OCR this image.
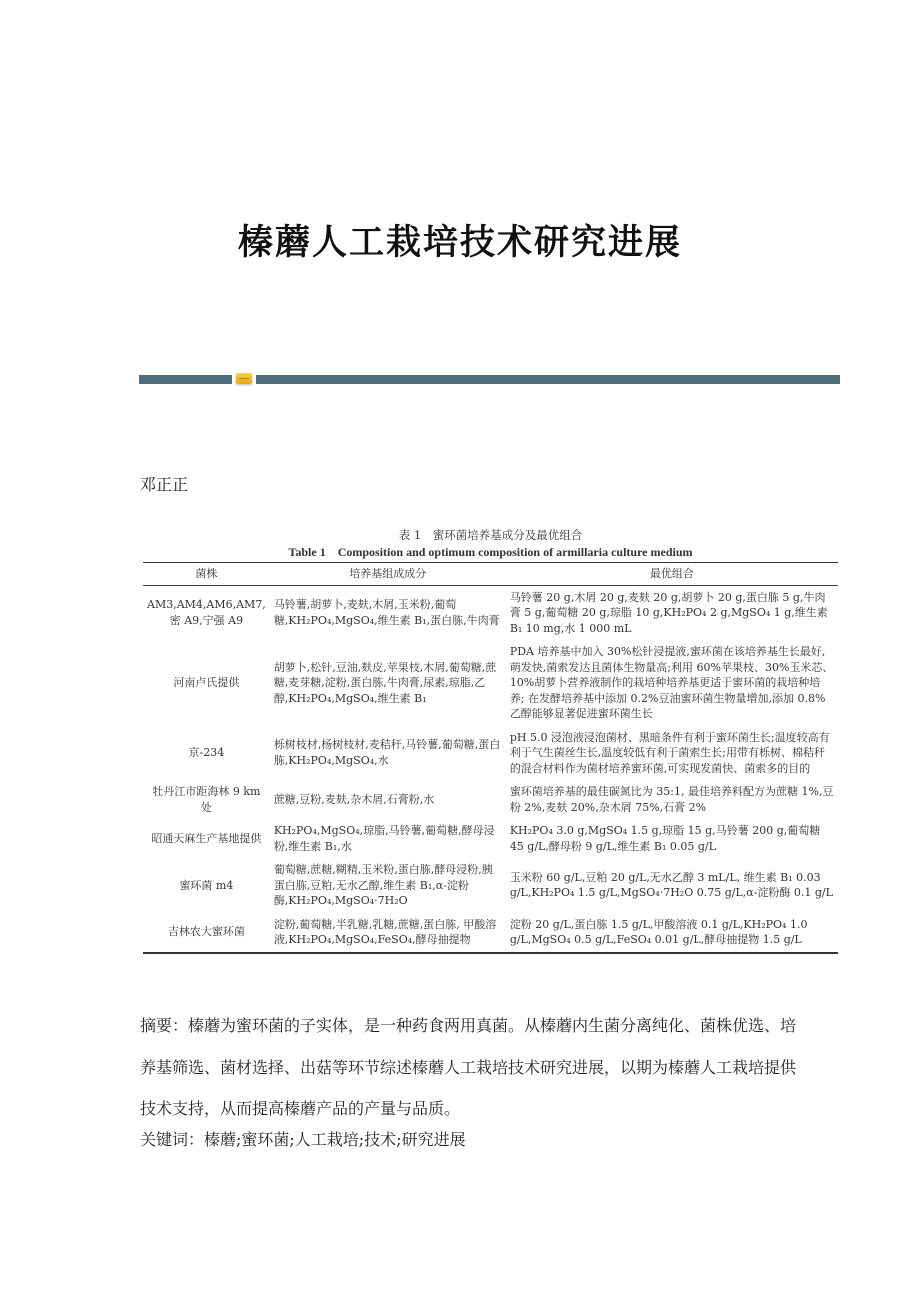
榛蘑人工栽培技术研究进展
邓正正
表 1　蜜环菌培养基成分及最优组合
Table 1　Composition and optimum composition of armillaria culture medium
菌株	培养基组成成分	最优组合
AM3,AM4,AM6,AM7,密 A9,宁强 A9	马铃薯,胡萝卜,麦麸,木屑,玉米粉,葡萄糖,KH₂PO₄,MgSO₄,维生素 B₁,蛋白胨,牛肉膏	马铃薯 20 g,木屑 20 g,麦麸 20 g,胡萝卜 20 g,蛋白胨 5 g,牛肉膏 5 g,葡萄糖 20 g,琼脂 10 g,KH₂PO₄ 2 g,MgSO₄ 1 g,维生素 B₁ 10 mg,水 1 000 mL
河南卢氏提供	胡萝卜,松针,豆油,麸皮,苹果枝,木屑,葡萄糖,蔗糖,麦芽糖,淀粉,蛋白胨,牛肉膏,尿素,琼脂,乙醇,KH₂PO₄,MgSO₄,维生素 B₁	PDA 培养基中加入 30%松针浸提液,蜜环菌在该培养基生长最好,萌发快,菌索发达且菌体生物量高;利用 60%苹果枝、30%玉米芯、10%胡萝卜营养液制作的栽培种培养基更适于蜜环菌的栽培种培养; 在发酵培养基中添加 0.2%豆油蜜环菌生物量增加,添加 0.8%乙醇能够显著促进蜜环菌生长
京-234	栎树枝材,杨树枝材,麦秸秆,马铃薯,葡萄糖,蛋白胨,KH₂PO₄,MgSO₄,水	pH 5.0 浸泡液浸泡菌材、黑暗条件有利于蜜环菌生长;温度较高有利于气生菌丝生长,温度较低有利于菌索生长;用带有栎树、棉秸秆的混合材料作为菌材培养蜜环菌,可实现发菌快、菌索多的目的
牡丹江市距海林 9 km 处	蔗糖,豆粉,麦麸,杂木屑,石膏粉,水	蜜环菌培养基的最佳碳氮比为 35:1, 最佳培养料配方为蔗糖 1%,豆粉 2%,麦麸 20%,杂木屑 75%,石膏 2%
昭通天麻生产基地提供	KH₂PO₄,MgSO₄,琼脂,马铃薯,葡萄糖,酵母浸粉,维生素 B₁,水	KH₂PO₄ 3.0 g,MgSO₄ 1.5 g,琼脂 15 g,马铃薯 200 g,葡萄糖 45 g/L,酵母粉 9 g/L,维生素 B₁ 0.05 g/L
蜜环菌 m4	葡萄糖,蔗糖,糊精,玉米粉,蛋白胨,酵母浸粉,胰蛋白胨,豆粕,无水乙醇,维生素 B₁,α-淀粉酶,KH₂PO₄,MgSO₄·7H₂O	玉米粉 60 g/L,豆粕 20 g/L,无水乙醇 3 mL/L, 维生素 B₁ 0.03 g/L,KH₂PO₄ 1.5 g/L,MgSO₄·7H₂O 0.75 g/L,α-淀粉酶 0.1 g/L
吉林农大蜜环菌	淀粉,葡萄糖,半乳糖,乳糖,蔗糖,蛋白胨, 甲酸溶液,KH₂PO₄,MgSO₄,FeSO₄,酵母抽提物	淀粉 20 g/L,蛋白胨 1.5 g/L,甲酸溶液 0.1 g/L,KH₂PO₄ 1.0 g/L,MgSO₄ 0.5 g/L,FeSO₄ 0.01 g/L,酵母抽提物 1.5 g/L
摘要：榛蘑为蜜环菌的子实体，是一种药食两用真菌。从榛蘑内生菌分离纯化、菌株优选、培养基筛选、菌材选择、出菇等环节综述榛蘑人工栽培技术研究进展，以期为榛蘑人工栽培提供技术支持，从而提高榛蘑产品的产量与品质。
关键词：榛蘑;蜜环菌;人工栽培;技术;研究进展
